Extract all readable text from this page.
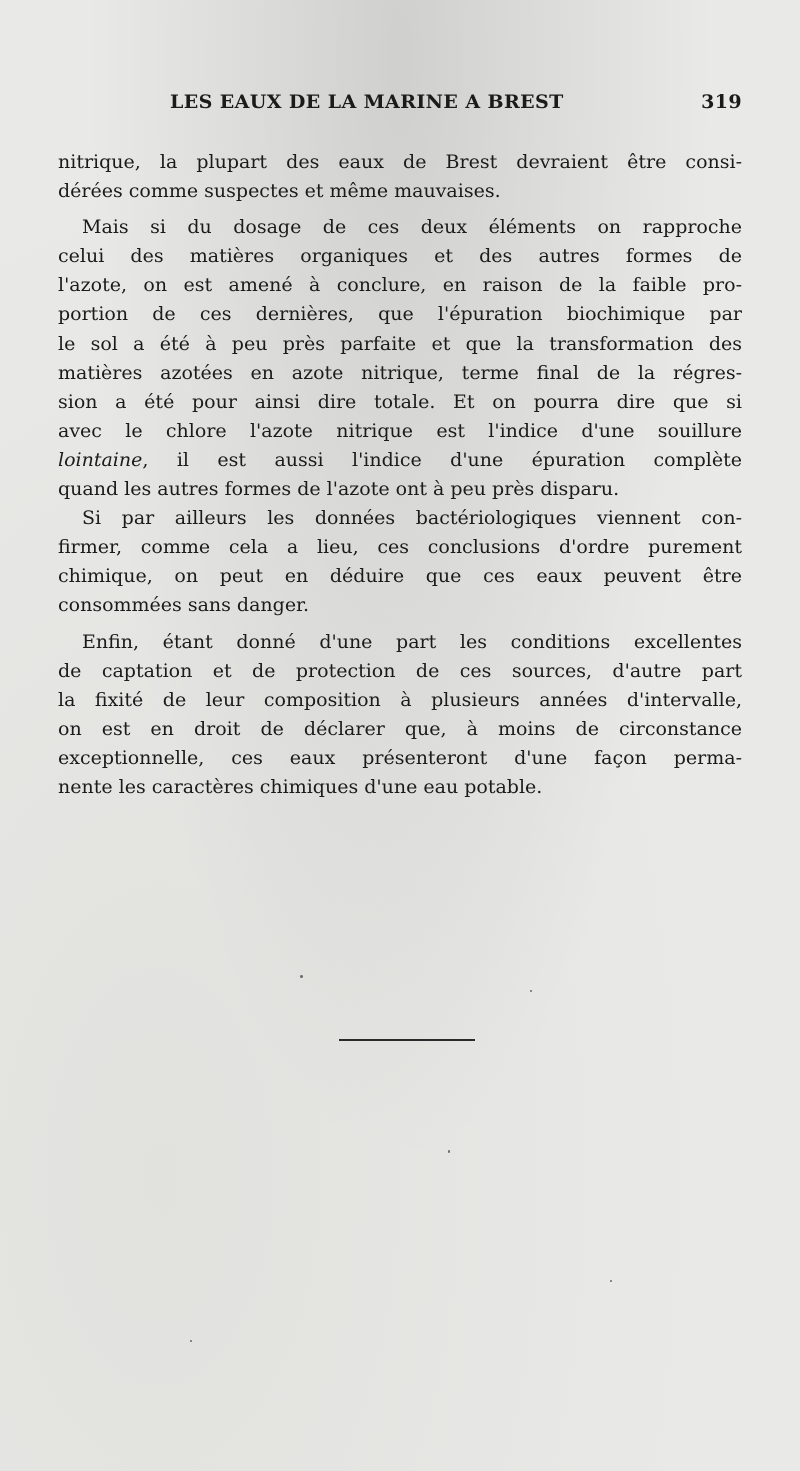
LES EAUX DE LA MARINE A BREST	319
nitrique, la plupart des eaux de Brest devraient être consi-
dérées comme suspectes et même mauvaises.
Mais si du dosage de ces deux éléments on rapproche
celui des matières organiques et des autres formes de
l'azote, on est amené à conclure, en raison de la faible pro-
portion de ces dernières, que l'épuration biochimique par
le sol a été à peu près parfaite et que la transformation des
matières azotées en azote nitrique, terme final de la régres-
sion a été pour ainsi dire totale. Et on pourra dire que si
avec le chlore l'azote nitrique est l'indice d'une souillure
lointaine, il est aussi l'indice d'une épuration complète
quand les autres formes de l'azote ont à peu près disparu.
Si par ailleurs les données bactériologiques viennent con-
firmer, comme cela a lieu, ces conclusions d'ordre purement
chimique, on peut en déduire que ces eaux peuvent être
consommées sans danger.
Enfin, étant donné d'une part les conditions excellentes
de captation et de protection de ces sources, d'autre part
la fixité de leur composition à plusieurs années d'intervalle,
on est en droit de déclarer que, à moins de circonstance
exceptionnelle, ces eaux présenteront d'une façon perma-
nente les caractères chimiques d'une eau potable.
